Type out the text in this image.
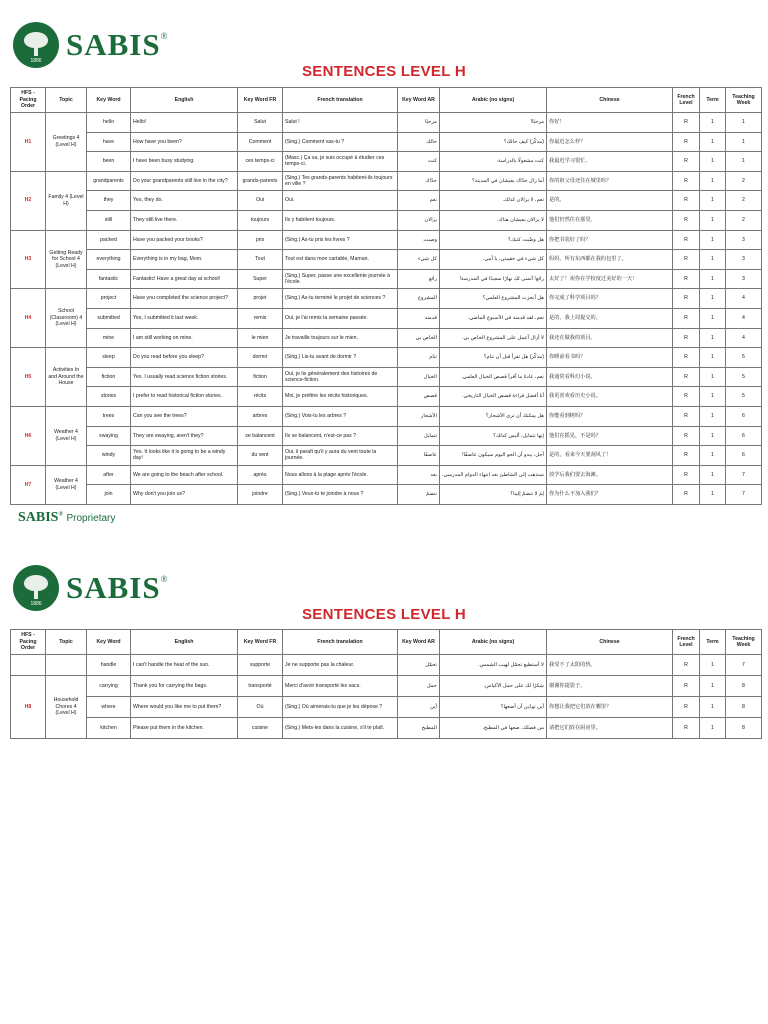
1886 SABIS®
SENTENCES LEVEL H
HFS - Pacing Order	Topic	Key Word	English	Key Word FR	French translation	Key Word AR	Arabic (no signs)	Chinese	French Level	Term	Teaching Week
H1	Greetings 4 (Level H)	hello	Hello!	Salut	Salut !	مرحبًا	مرحبًا!	你好！	R	1	1
		have	How have you been?	Comment	(Sing.) Comment vas-tu ?	حالك	(مذكّر) كيف حالك؟	你最近怎么样？	R	1	1
		been	I have been busy studying.	ces temps-ci	(Masc.) Ça va, je suis occupé à étudier ces temps-ci.	كنت	كنت مشغولًا بالدراسة.	我最近学习很忙。	R	1	1
H2	Family 4 (Level H)	grandparents	Do your grandparents still live in the city?	grands-parents	(Sing.) Tes grands-parents habitent-ils toujours en ville ?	جدّاك	أما زال جدّاك يعيشان في المدينة؟	你的祖父母还住在城里吗？	R	1	2
		they	Yes, they do.	Oui	Oui.	نعم	نعم، لا يزالان كذلك.	是的。	R	1	2
		still	They still live there.	toujours	Ils y habitent toujours.	يزالان	لا يزالان يعيشان هناك.	他们仍然住在那里。	R	1	2
H3	Getting Ready for School 4 (Level H)	packed	Have you packed your books?	pris	(Sing.) As-tu pris tes livres ?	وضبت	هل وضّبت كتبك؟	你把书装好了吗？	R	1	3
		everything	Everything is in my bag, Mom.	Tout	Tout est dans mon cartable, Maman.	كل شيء	كل شيء في حقيبتي، يا أمي.	妈妈，所有东西都在我的包里了。	R	1	3
		fantastic	Fantastic! Have a great day at school!	Super	(Sing.) Super, passe une excellente journée à l'école.	رائع	رائع! أتمنى لك نهارًا سعيدًا في المدرسة!	太好了！祝你在学校度过美好的一天！	R	1	3
H4	School (Classroom) 4 (Level H)	project	Have you completed the science project?	projet	(Sing.) As-tu terminé le projet de sciences ?	المشروع	هل أنجزت المشروع العلمي؟	你完成了科学项目吗？	R	1	4
		submitted	Yes, I submitted it last week.	remis	Oui, je l'ai remis la semaine passée.	قدمته	نعم، لقد قدمته في الأسبوع الماضي.	是的，我上周提交的。	R	1	4
		mine	I am still working on mine.	le mien	Je travaille toujours sur le mien.	الخاص بي	لا أزال أعمل على المشروع الخاص بي.	我还在做我的项目。	R	1	4
H5	Activities In and Around the House	sleep	Do you read before you sleep?	dormir	(Sing.) Lis-tu avant de dormir ?	تنام	(مذكّر) هل تقرأ قبل أن تنام؟	你睡前看书吗？	R	1	5
		fiction	Yes. I usually read science fiction stories.	fiction	Oui, je lis généralement des histoires de science-fiction.	الخيال	نعم، عادةً ما أقرأ قصص الخيال العلمي.	我通常看科幻小说。	R	1	5
		stories	I prefer to read historical fiction stories.	récits	Moi, je préfère les récits historiques.	قصص	أنا أفضل قراءة قصص الخيال التاريخي.	我更喜欢看历史小说。	R	1	5
H6	Weather 4 (Level H)	trees	Can you see the trees?	arbres	(Sing.) Vois-tu les arbres ?	الأشجار	هل يمكنك أن ترى الأشجار؟	你能看到树吗？	R	1	6
		swaying	They are swaying, aren't they?	se balancent	Ils se balancent, n'est-ce pas ?	تتمايل	إنها تتمايل، أليس كذلك؟	他们在摇晃，不是吗？	R	1	6
		windy	Yes. It looks like it is going to be a windy day!	du vent	Oui, il paraît qu'il y aura du vent toute la journée.	عاصفًا	أجل، يبدو أن الجو اليوم سيكون عاصفًا!	是的，看来今天要刮风了！	R	1	6
H7	Weather 4 (Level H)	after	We are going to the beach after school.	après	Nous allons à la plage après l'école.	بعد	سنذهب إلى الشاطئ بعد انتهاء الدوام المدرسي.	放学后我们要去海滩。	R	1	7
		join	Why don't you join us?	joindre	(Sing.) Veux-tu te joindre à nous ?	تنضمّ	لِمَ لا تنضمّ إلينا؟	你为什么不加入我们？	R	1	7
SABIS® Proprietary
1886 SABIS®
SENTENCES LEVEL H
HFS - Pacing Order	Topic	Key Word	English	Key Word FR	French translation	Key Word AR	Arabic (no signs)	Chinese	French Level	Term	Teaching Week
		handle	I can't handle the heat of the sun.	supporte	Je ne supporte pas la chaleur.	تحمّل	لا أستطيع تحمّل لهيب الشمس.	我受不了太阳的热。	R	1	7
H8	Household Chores 4 (Level H)	carrying	Thank you for carrying the bags.	transporté	Merci d'avoir transporté les sacs.	حمل	شكرًا لك على حمل الأكياس.	谢谢你提袋子。	R	1	8
		where	Where would you like me to put them?	Où	(Sing.) Où aimerais-tu que je les dépose ?	أين	أين تودّين أن أضعها؟	你想让我把它们放在哪里？	R	1	8
		kitchen	Please put them in the kitchen.	cuisine	(Sing.) Mets-les dans la cuisine, s'il te plaît.	المطبخ	من فضلك، ضعها في المطبخ.	请把它们放在厨房里。	R	1	8
